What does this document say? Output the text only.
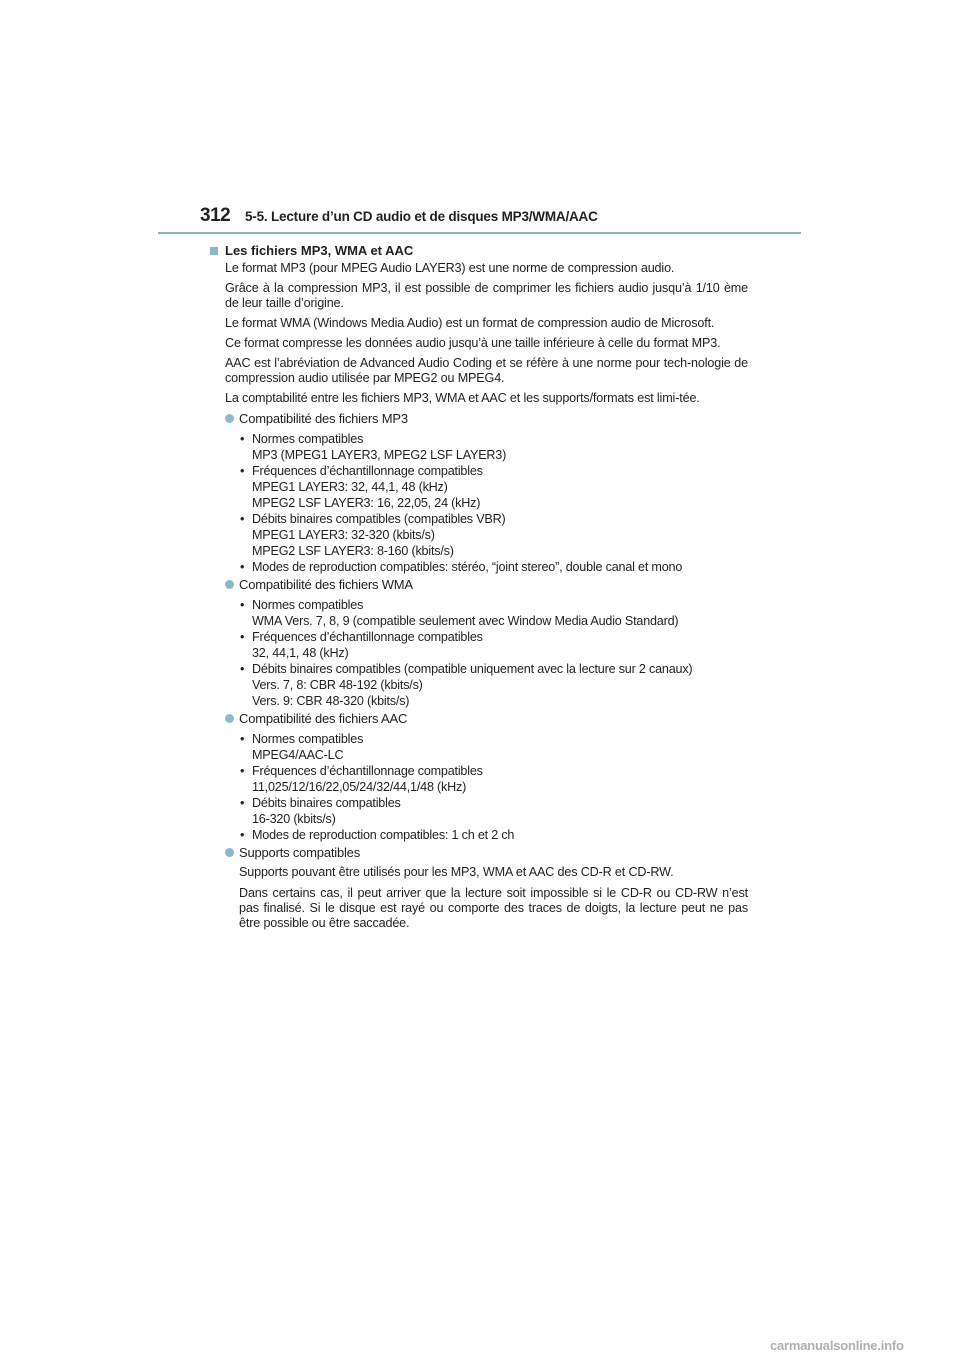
312 5-5. Lecture d’un CD audio et de disques MP3/WMA/AAC
Les fichiers MP3, WMA et AAC

Le format MP3 (pour MPEG Audio LAYER3) est une norme de compression audio.

Grâce à la compression MP3, il est possible de comprimer les fichiers audio jusqu’à 1/10 ème de leur taille d’origine.

Le format WMA (Windows Media Audio) est un format de compression audio de Microsoft.

Ce format compresse les données audio jusqu’à une taille inférieure à celle du format MP3.

AAC est l’abréviation de Advanced Audio Coding et se réfère à une norme pour tech-nologie de compression audio utilisée par MPEG2 ou MPEG4.

La comptabilité entre les fichiers MP3, WMA et AAC et les supports/formats est limi-tée.

Compatibilité des fichiers MP3
• Normes compatibles
MP3 (MPEG1 LAYER3, MPEG2 LSF LAYER3)
• Fréquences d’échantillonnage compatibles
MPEG1 LAYER3: 32, 44,1, 48 (kHz)
MPEG2 LSF LAYER3: 16, 22,05, 24 (kHz)
• Débits binaires compatibles (compatibles VBR)
MPEG1 LAYER3: 32-320 (kbits/s)
MPEG2 LSF LAYER3: 8-160 (kbits/s)
• Modes de reproduction compatibles: stéréo, “joint stereo”, double canal et mono
Compatibilité des fichiers WMA
• Normes compatibles
WMA Vers. 7, 8, 9 (compatible seulement avec Window Media Audio Standard)
• Fréquences d’échantillonnage compatibles
32, 44,1, 48 (kHz)
• Débits binaires compatibles (compatible uniquement avec la lecture sur 2 canaux)
Vers. 7, 8: CBR 48-192 (kbits/s)
Vers. 9: CBR 48-320 (kbits/s)
Compatibilité des fichiers AAC
• Normes compatibles
MPEG4/AAC-LC
• Fréquences d’échantillonnage compatibles
11,025/12/16/22,05/24/32/44,1/48 (kHz)
• Débits binaires compatibles
16-320 (kbits/s)
• Modes de reproduction compatibles: 1 ch et 2 ch
Supports compatibles

Supports pouvant être utilisés pour les MP3, WMA et AAC des CD-R et CD-RW.

Dans certains cas, il peut arriver que la lecture soit impossible si le CD-R ou CD-RW n’est pas finalisé. Si le disque est rayé ou comporte des traces de doigts, la lecture peut ne pas être possible ou être saccadée.

carmanualsonline.info
